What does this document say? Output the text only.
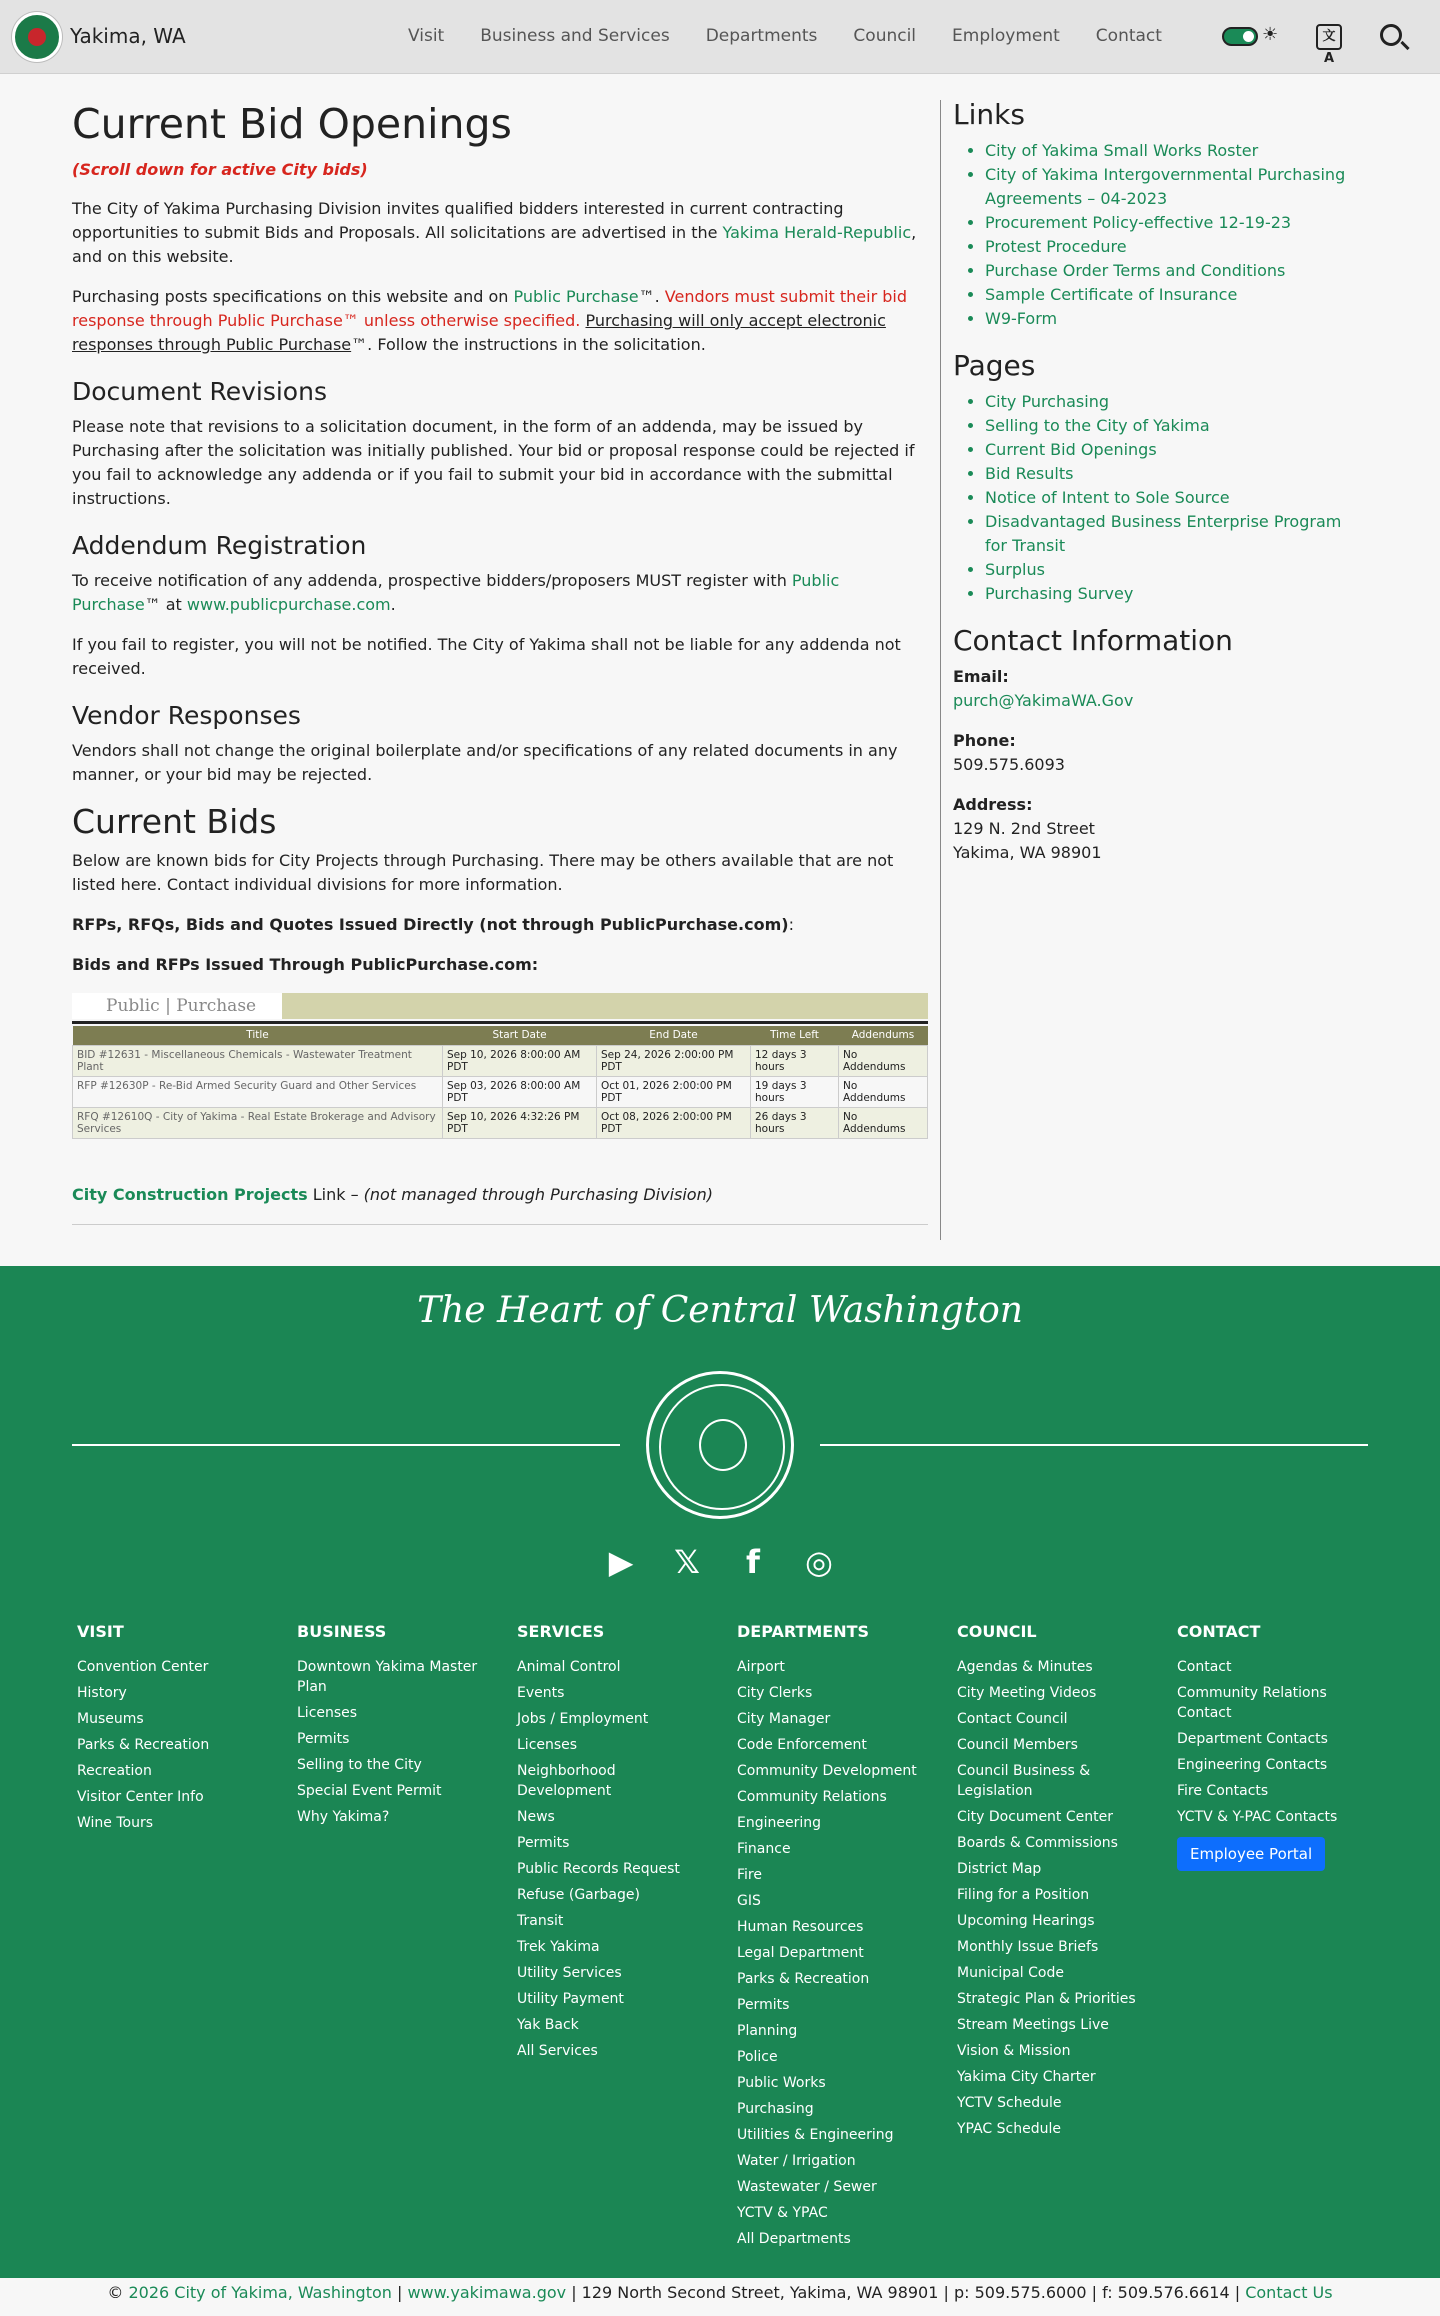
Yakima, WA	Visit Business and Services Departments Council Employment Contact	☀	文A
Current Bid Openings
(Scroll down for active City bids)

The City of Yakima Purchasing Division invites qualified bidders interested in current contracting opportunities to submit Bids and Proposals. All solicitations are advertised in the Yakima Herald-Republic, and on this website.

Purchasing posts specifications on this website and on Public Purchase™. Vendors must submit their bid response through Public Purchase™ unless otherwise specified. Purchasing will only accept electronic responses through Public Purchase™. Follow the instructions in the solicitation.

Document Revisions

Please note that revisions to a solicitation document, in the form of an addenda, may be issued by Purchasing after the solicitation was initially published. Your bid or proposal response could be rejected if you fail to acknowledge any addenda or if you fail to submit your bid in accordance with the submittal instructions.

Addendum Registration

To receive notification of any addenda, prospective bidders/proposers MUST register with Public Purchase™ at www.publicpurchase.com.

If you fail to register, you will not be notified. The City of Yakima shall not be liable for any addenda not received.

Vendor Responses

Vendors shall not change the original boilerplate and/or specifications of any related documents in any manner, or your bid may be rejected.

Current Bids

Below are known bids for City Projects through Purchasing. There may be others available that are not listed here. Contact individual divisions for more information.

RFPs, RFQs, Bids and Quotes Issued Directly (not through PublicPurchase.com):

Bids and RFPs Issued Through PublicPurchase.com:

Public | Purchase
Title	Start Date	End Date	Time Left	Addendums
BID #12631 - Miscellaneous Chemicals - Wastewater Treatment Plant	Sep 10, 2026 8:00:00 AM PDT	Sep 24, 2026 2:00:00 PM PDT	12 days 3 hours	No Addendums
RFP #12630P - Re-Bid Armed Security Guard and Other Services	Sep 03, 2026 8:00:00 AM PDT	Oct 01, 2026 2:00:00 PM PDT	19 days 3 hours	No Addendums
RFQ #12610Q - City of Yakima - Real Estate Brokerage and Advisory Services	Sep 10, 2026 4:32:26 PM PDT	Oct 08, 2026 2:00:00 PM PDT	26 days 3 hours	No Addendums
City Construction Projects Link – (not managed through Purchasing Division)
Links
• City of Yakima Small Works Roster
• City of Yakima Intergovernmental Purchasing Agreements – 04-2023
• Procurement Policy-effective 12-19-23
• Protest Procedure
• Purchase Order Terms and Conditions
• Sample Certificate of Insurance
• W9-Form
Pages
• City Purchasing
• Selling to the City of Yakima
• Current Bid Openings
• Bid Results
• Notice of Intent to Sole Source
• Disadvantaged Business Enterprise Program for Transit
• Surplus
• Purchasing Survey
Contact Information
Email:
purch@YakimaWA.Gov
Phone:
509.575.6093
Address:
129 N. 2nd Street
Yakima, WA 98901
The Heart of Central Washington
▶ 𝕏	f	◎
VISIT
Convention Center
History
Museums
Parks & Recreation
Recreation
Visitor Center Info
Wine Tours
BUSINESS
Downtown Yakima Master Plan
Licenses
Permits
Selling to the City
Special Event Permit
Why Yakima?
SERVICES
Animal Control
Events
Jobs / Employment
Licenses
Neighborhood Development
News
Permits
Public Records Request
Refuse (Garbage)
Transit
Trek Yakima
Utility Services
Utility Payment
Yak Back
All Services
DEPARTMENTS
Airport
City Clerks
City Manager
Code Enforcement
Community Development
Community Relations
Engineering
Finance
Fire
GIS
Human Resources
Legal Department
Parks & Recreation
Permits
Planning
Police
Public Works
Purchasing
Utilities & Engineering
Water / Irrigation
Wastewater / Sewer
YCTV & YPAC
All Departments
COUNCIL
Agendas & Minutes
City Meeting Videos
Contact Council
Council Members
Council Business & Legislation
City Document Center
Boards & Commissions
District Map
Filing for a Position
Upcoming Hearings
Monthly Issue Briefs
Municipal Code
Strategic Plan & Priorities
Stream Meetings Live
Vision & Mission
Yakima City Charter
YCTV Schedule
YPAC Schedule
CONTACT
Contact
Community Relations Contact
Department Contacts
Engineering Contacts
Fire Contacts
YCTV & Y-PAC Contacts
Employee Portal
© 2026 City of Yakima, Washington | www.yakimawa.gov | 129 North Second Street, Yakima, WA 98901 | p: 509.575.6000 | f: 509.576.6614 | Contact Us
